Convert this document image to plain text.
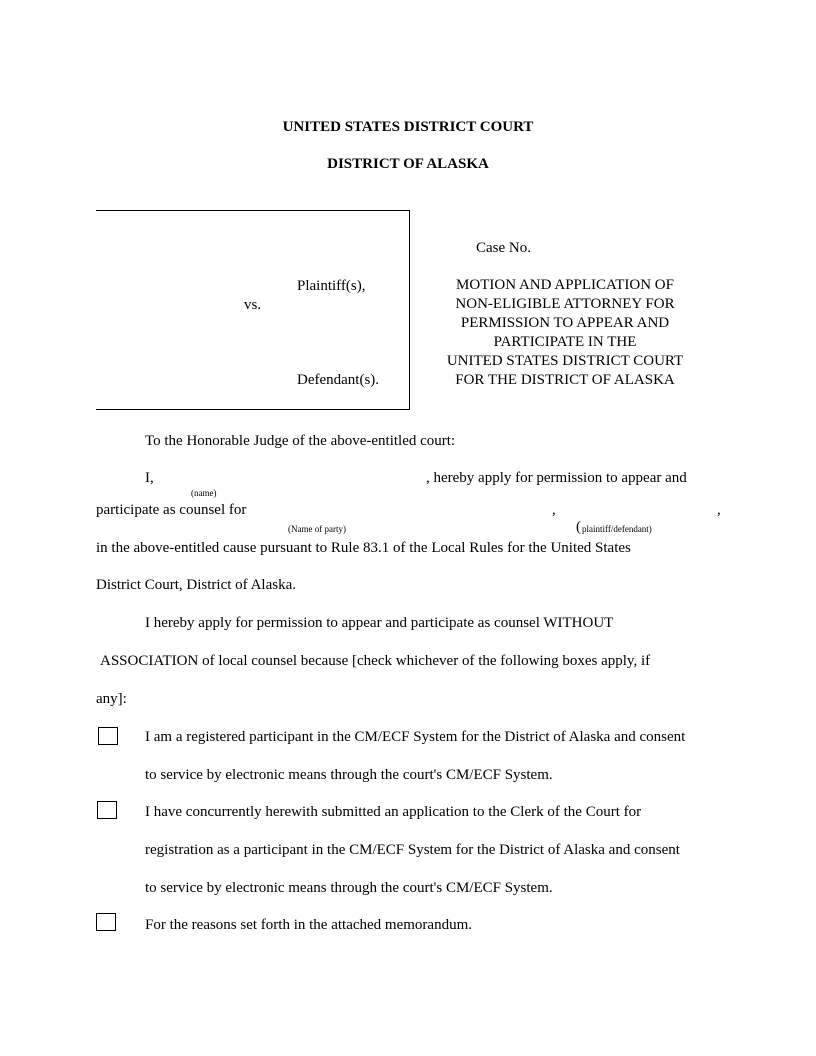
UNITED STATES DISTRICT COURT
DISTRICT OF ALASKA
Plaintiff(s),
vs.
Defendant(s).
Case No.
MOTION AND APPLICATION OF
NON-ELIGIBLE ATTORNEY FOR
PERMISSION TO APPEAR AND
PARTICIPATE IN THE
UNITED STATES DISTRICT COURT
FOR THE DISTRICT OF ALASKA
To the Honorable Judge of the above-entitled court:
I,	, hereby apply for permission to appear and
(name)
participate as counsel for	,	,
(Name of party)	( plaintiff/defendant)
in the above-entitled cause pursuant to Rule 83.1 of the Local Rules for the United States
District Court, District of Alaska.
I hereby apply for permission to appear and participate as counsel WITHOUT
ASSOCIATION of local counsel because [check whichever of the following boxes apply, if
any]:
I am a registered participant in the CM/ECF System for the District of Alaska and consent
to service by electronic means through the court's CM/ECF System.
I have concurrently herewith submitted an application to the Clerk of the Court for
registration as a participant in the CM/ECF System for the District of Alaska and consent
to service by electronic means through the court's CM/ECF System.
For the reasons set forth in the attached memorandum.
